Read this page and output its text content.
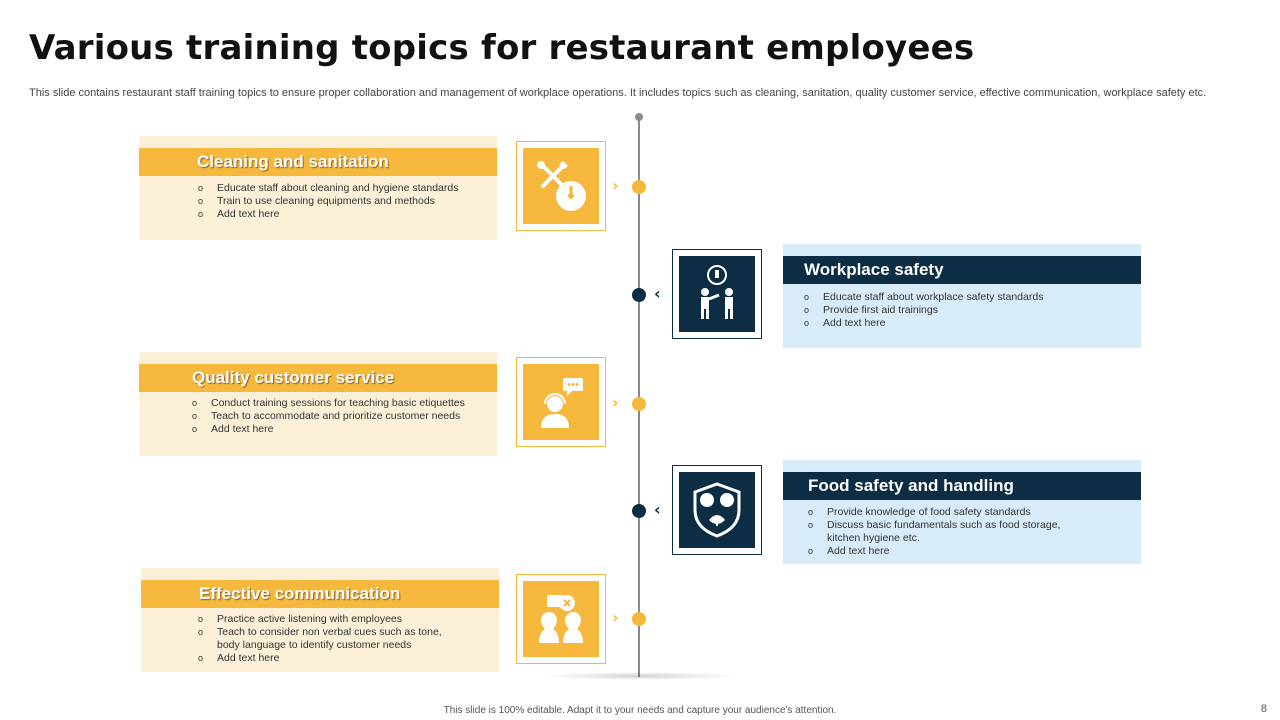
Various training topics for restaurant employees
This slide contains restaurant staff training topics to ensure proper collaboration and management of workplace operations. It includes topics such as cleaning, sanitation, quality customer service, effective communication, workplace safety etc.
Cleaning and sanitation
o Educate staff about cleaning and hygiene standards
o Train to use cleaning equipments and methods
o Add text here
›
‹
Workplace safety
o Educate staff about workplace safety standards
o Provide first aid trainings
o Add text here
Quality customer service
o Conduct training sessions for teaching basic etiquettes
o Teach to accommodate and prioritize customer needs
o Add text here
›
‹
Food safety and handling
o Provide knowledge of food safety standards
o Discuss basic fundamentals such as food storage, kitchen hygiene etc.
o Add text here
Effective communication
o Practice active listening with employees
o Teach to consider non verbal cues such as tone, body language to identify customer needs
o Add text here
›
This slide is 100% editable. Adapt it to your needs and capture your audience's attention.	8
